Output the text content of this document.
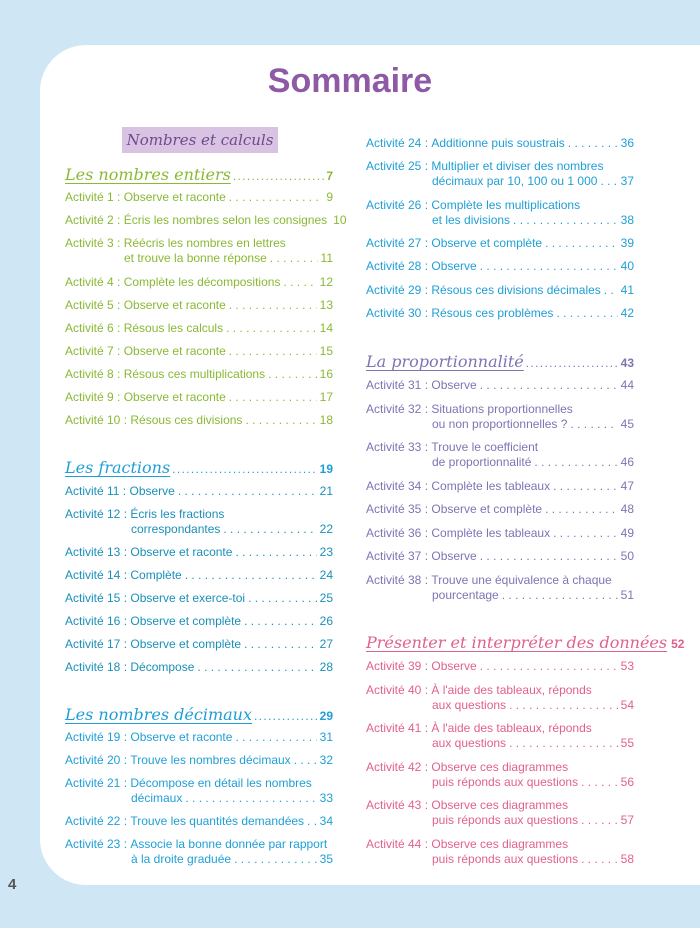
Sommaire
4
Nombres et calculs
Les nombres entiers . . .	7
Activité 1 :
Observe et raconte . . .	9
Activité 2 :
Écris les nombres selon les consignes 10
Activité 3 :
Réécris les nombres en lettres
et trouve la bonne réponse . . .	11
Activité 4 :
Complète les décompositions . . .	12
Activité 5 :
Observe et raconte . . .	13
Activité 6 :
Résous les calculs . . .	14
Activité 7 :
Observe et raconte . . .	15
Activité 8 :
Résous ces multiplications . . .	16
Activité 9 :
Observe et raconte . . .	17
Activité 10 :
Résous ces divisions . . .	18
Les fractions . . .	19
Activité 11 :
Observe . . .	21
Activité 12 :
Écris les fractions
correspondantes . . .	22
Activité 13 :
Observe et raconte . . .	23
Activité 14 :
Complète . . .	24
Activité 15 :
Observe et exerce-toi . . .	25
Activité 16 :
Observe et complète . . .	26
Activité 17 :
Observe et complète . . .	27
Activité 18 :
Décompose . . .	28
Les nombres décimaux . . .	29
Activité 19 :
Observe et raconte . . .	31
Activité 20 :
Trouve les nombres décimaux . . . 32
Activité 21 :
Décompose en détail les nombres
décimaux . . .	33
Activité 22 :
Trouve les quantités demandées . . . 34
Activité 23 :
Associe la bonne donnée par rapport
à la droite graduée . . .	35
Activité 24 :
Additionne puis soustrais . . .	36
Activité 25 :
Multiplier et diviser des nombres
décimaux par 10, 100 ou 1 000 . . . 37
Activité 26 :
Complète les multiplications
et les divisions . . .	38
Activité 27 :
Observe et complète . . .	39
Activité 28 :
Observe . . .	40
Activité 29 :
Résous ces divisions décimales . . . 41
Activité 30 :
Résous ces problèmes . . .	42
La proportionnalité . . .	43
Activité 31 :
Observe . . .	44
Activité 32 :
Situations proportionnelles
ou non proportionnelles ? . . .	45
Activité 33 :
Trouve le coefficient
de proportionnalité . . .	46
Activité 34 :
Complète les tableaux . . .	47
Activité 35 :
Observe et complète . . .	48
Activité 36 :
Complète les tableaux . . .	49
Activité 37 :
Observe . . .	50
Activité 38 :
Trouve une équivalence à chaque
pourcentage . . .	51
Présenter et interpréter des données 52
Activité 39 :
Observe . . .	53
Activité 40 :
À l'aide des tableaux, réponds
aux questions . . .	54
Activité 41 :
À l'aide des tableaux, réponds
aux questions . . .	55
Activité 42 :
Observe ces diagrammes
puis réponds aux questions . . .	56
Activité 43 :
Observe ces diagrammes
puis réponds aux questions . . .	57
Activité 44 :
Observe ces diagrammes
puis réponds aux questions . . .	58
